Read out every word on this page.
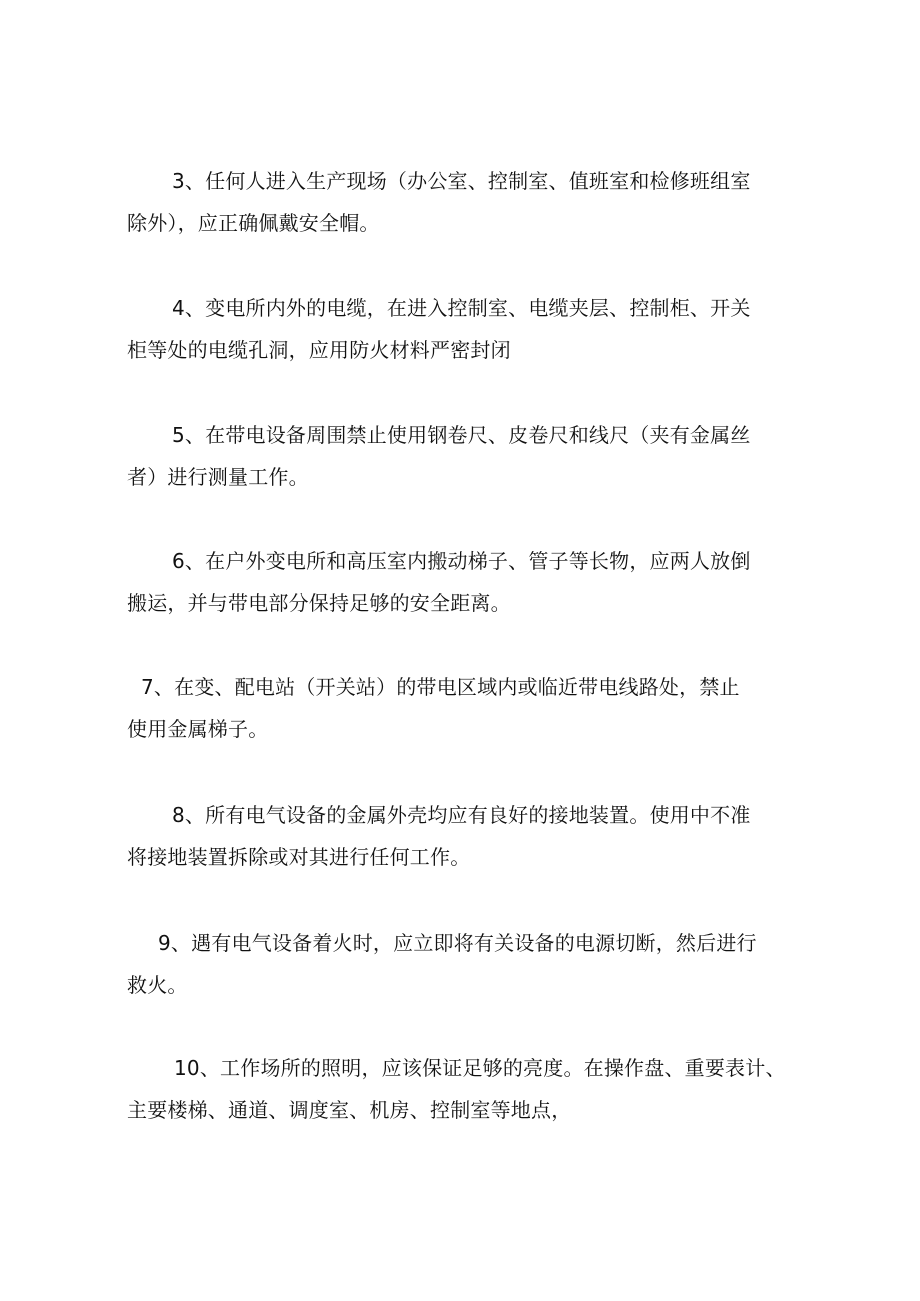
3、任何人进入生产现场（办公室、控制室、值班室和检修班组室
除外），应正确佩戴安全帽。

4、变电所内外的电缆，在进入控制室、电缆夹层、控制柜、开关
柜等处的电缆孔洞，应用防火材料严密封闭

5、在带电设备周围禁止使用钢卷尺、皮卷尺和线尺（夹有金属丝
者）进行测量工作。

6、在户外变电所和高压室内搬动梯子、管子等长物，应两人放倒
搬运，并与带电部分保持足够的安全距离。

7、在变、配电站（开关站）的带电区域内或临近带电线路处，禁止
使用金属梯子。

8、所有电气设备的金属外壳均应有良好的接地装置。使用中不准
将接地装置拆除或对其进行任何工作。

9、遇有电气设备着火时，应立即将有关设备的电源切断，然后进行
救火。

10、工作场所的照明，应该保证足够的亮度。在操作盘、重要表计、
主要楼梯、通道、调度室、机房、控制室等地点，
